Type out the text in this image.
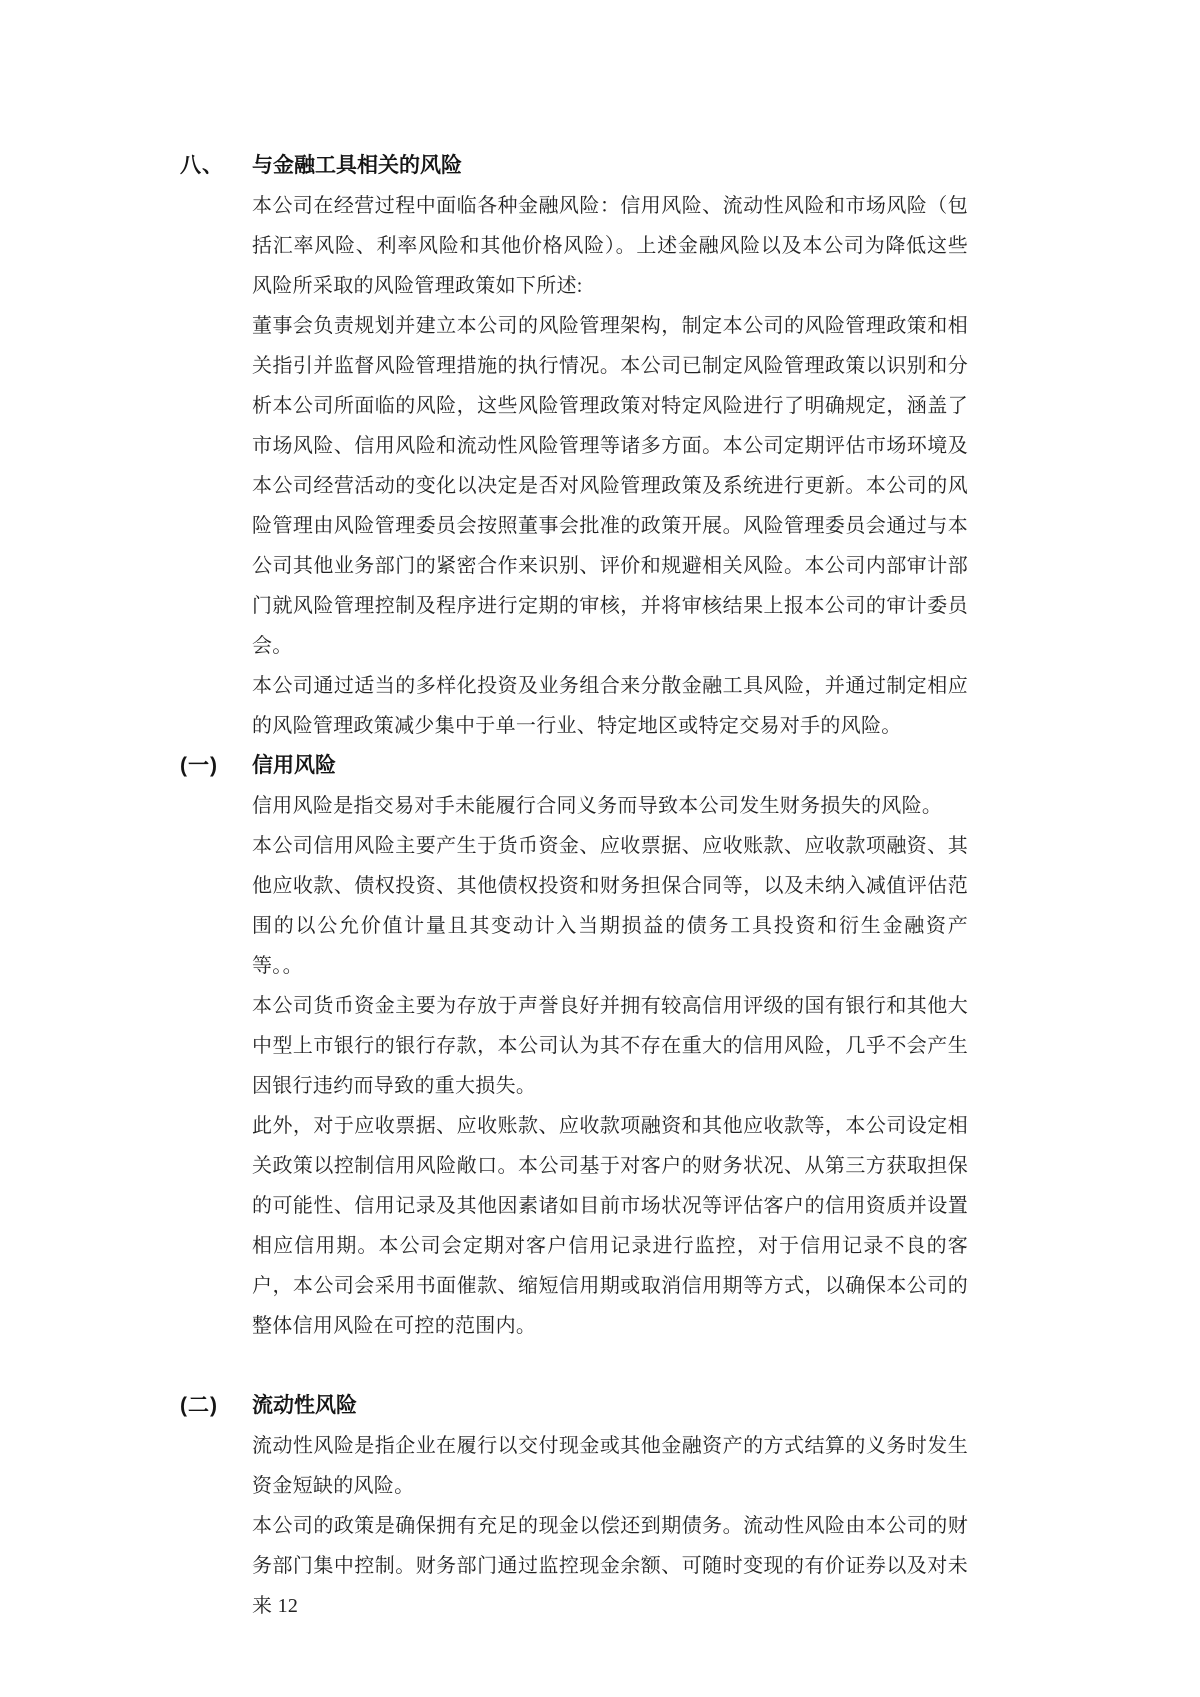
八、	与金融工具相关的风险

本公司在经营过程中面临各种金融风险：信用风险、流动性风险和市场风险（包括汇率风险、利率风险和其他价格风险）。上述金融风险以及本公司为降低这些风险所采取的风险管理政策如下所述:

董事会负责规划并建立本公司的风险管理架构，制定本公司的风险管理政策和相关指引并监督风险管理措施的执行情况。本公司已制定风险管理政策以识别和分析本公司所面临的风险，这些风险管理政策对特定风险进行了明确规定，涵盖了市场风险、信用风险和流动性风险管理等诸多方面。本公司定期评估市场环境及本公司经营活动的变化以决定是否对风险管理政策及系统进行更新。本公司的风险管理由风险管理委员会按照董事会批准的政策开展。风险管理委员会通过与本公司其他业务部门的紧密合作来识别、评价和规避相关风险。本公司内部审计部门就风险管理控制及程序进行定期的审核，并将审核结果上报本公司的审计委员会。

本公司通过适当的多样化投资及业务组合来分散金融工具风险，并通过制定相应的风险管理政策减少集中于单一行业、特定地区或特定交易对手的风险。

(一)	信用风险

信用风险是指交易对手未能履行合同义务而导致本公司发生财务损失的风险。

本公司信用风险主要产生于货币资金、应收票据、应收账款、应收款项融资、其他应收款、债权投资、其他债权投资和财务担保合同等，以及未纳入减值评估范围的以公允价值计量且其变动计入当期损益的债务工具投资和衍生金融资产等。。

本公司货币资金主要为存放于声誉良好并拥有较高信用评级的国有银行和其他大中型上市银行的银行存款，本公司认为其不存在重大的信用风险，几乎不会产生因银行违约而导致的重大损失。

此外，对于应收票据、应收账款、应收款项融资和其他应收款等，本公司设定相关政策以控制信用风险敞口。本公司基于对客户的财务状况、从第三方获取担保的可能性、信用记录及其他因素诸如目前市场状况等评估客户的信用资质并设置相应信用期。本公司会定期对客户信用记录进行监控，对于信用记录不良的客户，本公司会采用书面催款、缩短信用期或取消信用期等方式，以确保本公司的整体信用风险在可控的范围内。

(二)	流动性风险

流动性风险是指企业在履行以交付现金或其他金融资产的方式结算的义务时发生资金短缺的风险。

本公司的政策是确保拥有充足的现金以偿还到期债务。流动性风险由本公司的财务部门集中控制。财务部门通过监控现金余额、可随时变现的有价证券以及对未来 12
